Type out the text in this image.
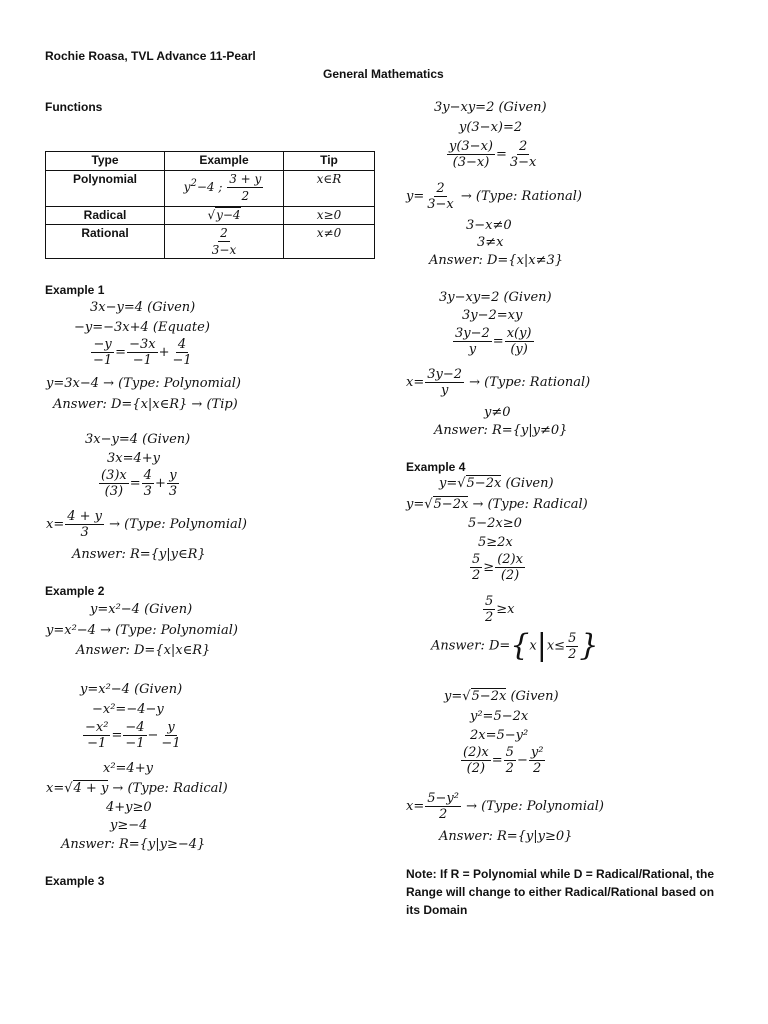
Rochie Roasa, TVL Advance 11-Pearl
General Mathematics
Functions
Type	Example	Tip
Polynomial	$y^2-4$ ; $\frac{3 + y}{2}$	x∈R
Radical	√y−4	x≥0
Rational	$\frac{2}{3-x}$	x≠0
Example 1
3x−y=4 (Given)
−y=−3x+4 (Equate)
$\frac{-y}{-1} = \frac{-3x}{-1} + \frac{4}{-1}$
y=3x−4 → (Type: Polynomial)
Answer: D={x|x∈R} → (Tip)
3x−y=4 (Given)
3x=4+y
$\frac{(3)x}{(3)} = \frac{4}{3} + \frac{y}{3}$
$x= \frac{4 + y}{3}$ → (Type: Polynomial)
Answer: R={y|y∈R}
Example 2
y=x²−4 (Given)
y=x²−4 → (Type: Polynomial)
Answer: D={x|x∈R}
y=x²−4 (Given)
−x²=−4−y
$\frac{\text{−x²}}{-1} = \frac{-4}{-1} - \frac{y}{-1}$
x²=4+y
x=√4 + y → (Type: Radical)
4+y≥0
y≥−4
Answer: R={y|y≥−4}
Example 3
3y−xy=2 (Given)
y(3−x)=2
$\frac{y(3-x)}{(3-x)} = \frac{2}{3-x}$
$y= \frac{2}{3-x}$ → (Type: Rational)
3−x≠0
3≠x
Answer: D={x|x≠3}
3y−xy=2 (Given)
3y−2=xy
$\frac{3y-2}{y} = \frac{x(y)}{(y)}$
$x= \frac{3y-2}{y}$ → (Type: Rational)
y≠0
Answer: R={y|y≠0}
Example 4
y=√5−2x (Given)
y=√5−2x → (Type: Radical)
5−2x≥0
5≥2x
$\frac{5}{2} \ge \frac{(2)x}{(2)}$
$\frac{5}{2} \ge x$
Answer: $D=\{x|x\le \frac{5}{2}$ }
y=√5−2x (Given)
y²=5−2x
2x=5−y²
$\frac{(2)x}{(2)} = \frac{5}{2} - \frac{\text{y²}}{2}$
$x= \frac{\text{5−y²}}{2}$ → (Type: Polynomial)
Answer: R={y|y≥0}
Note: If R = Polynomial while D = Radical/Rational, the Range will change to either Radical/Rational based on its Domain
